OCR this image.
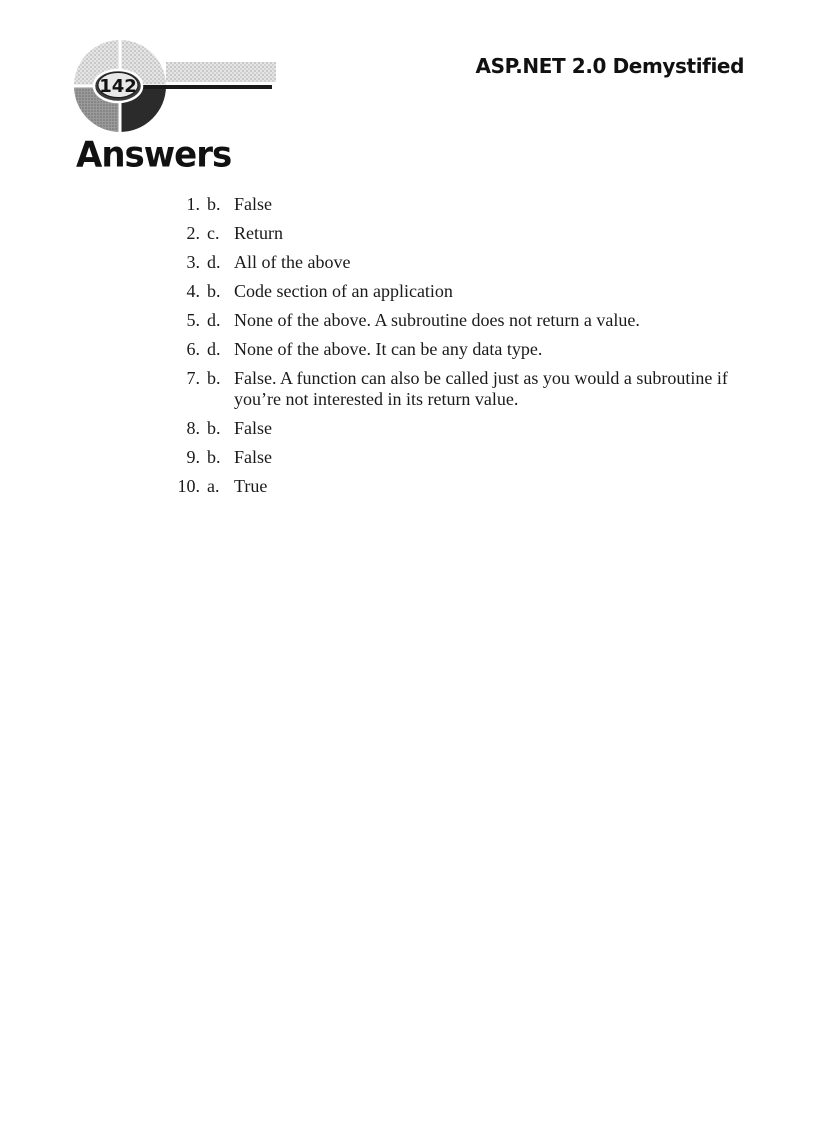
142
ASP.NET 2.0 Demystified
Answers
1. b. False
2. c. Return
3. d. All of the above
4. b. Code section of an application
5. d. None of the above. A subroutine does not return a value.
6. d. None of the above. It can be any data type.
7. b. False. A function can also be called just as you would a subroutine if you’re not interested in its return value.
8. b. False
9. b. False
10. a. True
